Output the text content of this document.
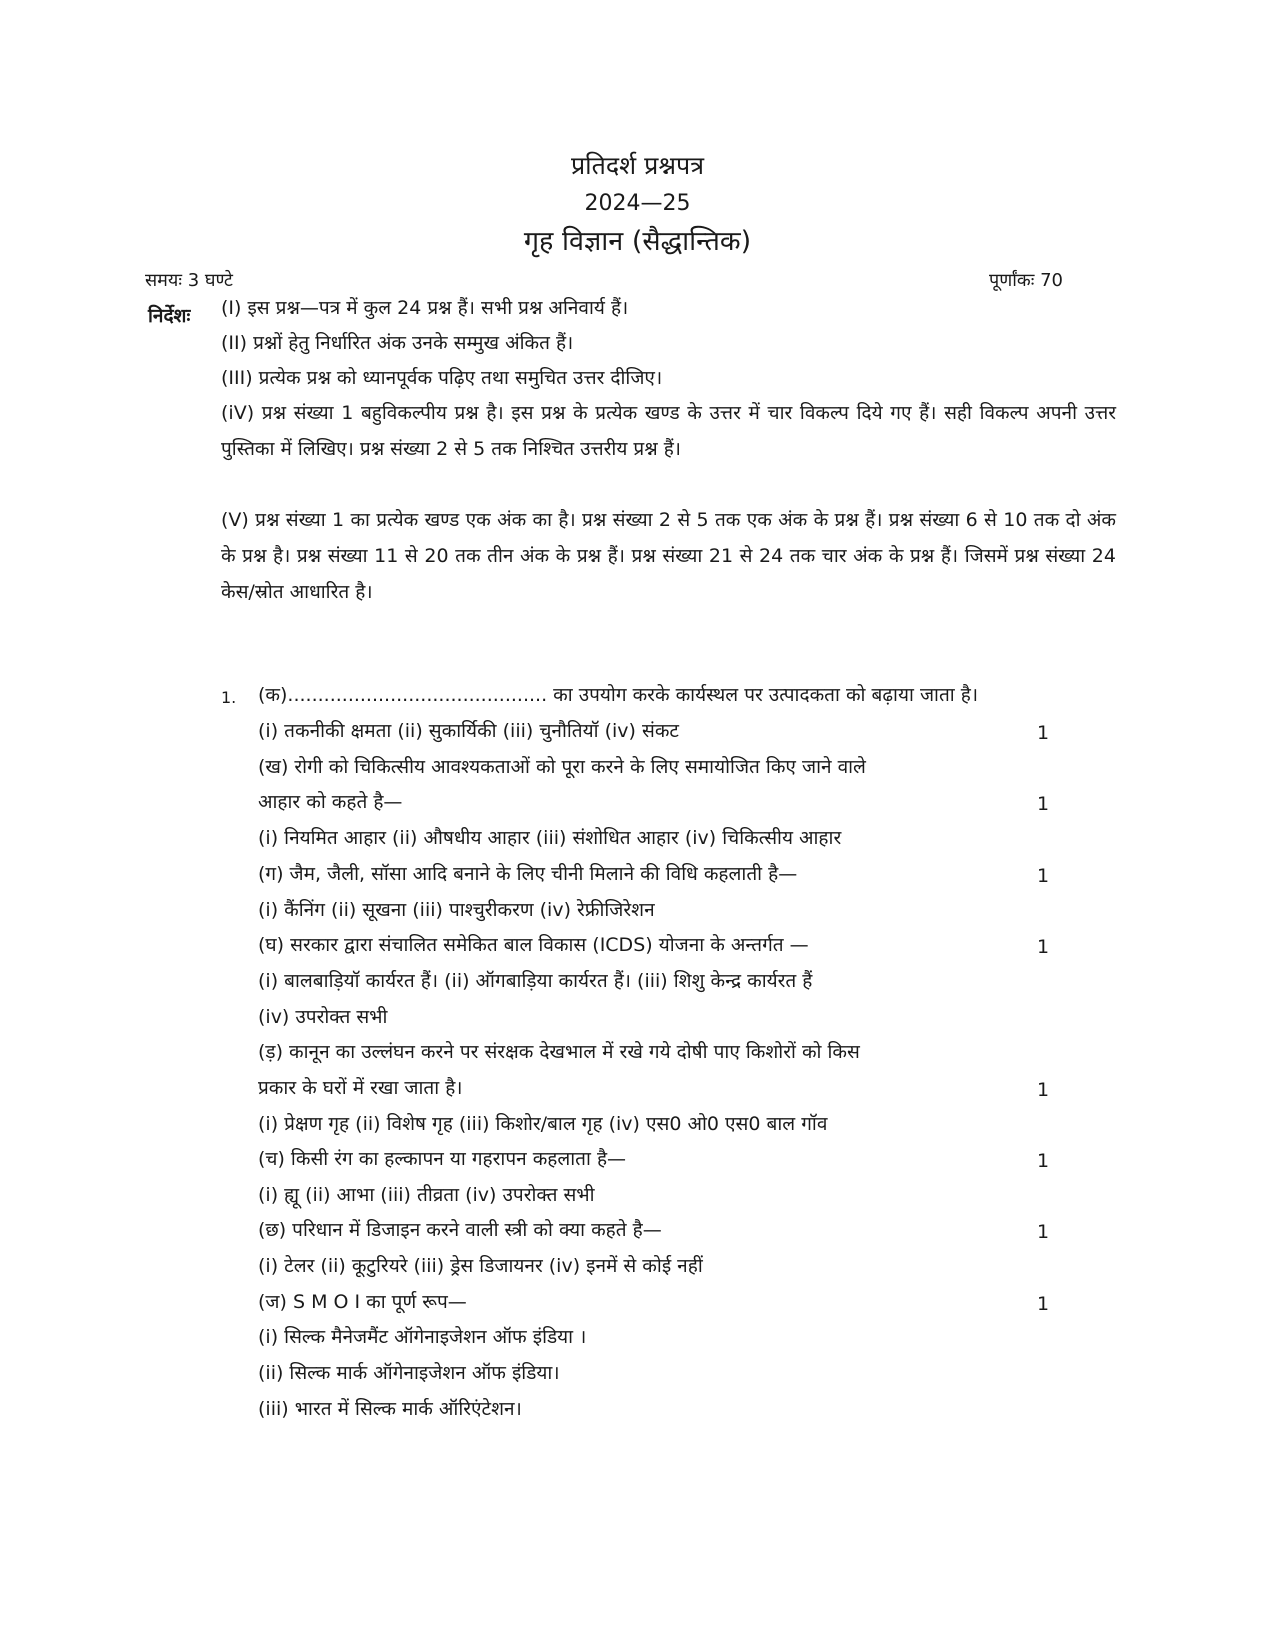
प्रतिदर्श प्रश्नपत्र
2024—25
गृह विज्ञान (सैद्धान्तिक)
समयः 3 घण्टे	पूर्णांकः 70
निर्देशः (I) इस प्रश्न—पत्र में कुल 24 प्रश्न हैं। सभी प्रश्न अनिवार्य हैं।
(II) प्रश्नों हेतु निर्धारित अंक उनके सम्मुख अंकित हैं।
(III) प्रत्येक प्रश्न को ध्यानपूर्वक पढ़िए तथा समुचित उत्तर दीजिए।
(iV) प्रश्न संख्या 1 बहुविकल्पीय प्रश्न है। इस प्रश्न के प्रत्येक खण्ड के उत्तर में चार विकल्प दिये गए हैं। सही विकल्प अपनी उत्तर पुस्तिका में लिखिए। प्रश्न संख्या 2 से 5 तक निश्चित उत्तरीय प्रश्न हैं।
(V) प्रश्न संख्या 1 का प्रत्येक खण्ड एक अंक का है। प्रश्न संख्या 2 से 5 तक एक अंक के प्रश्न हैं। प्रश्न संख्या 6 से 10 तक दो अंक के प्रश्न है। प्रश्न संख्या 11 से 20 तक तीन अंक के प्रश्न हैं। प्रश्न संख्या 21 से 24 तक चार अंक के प्रश्न हैं। जिसमें प्रश्न संख्या 24 केस/स्रोत आधारित है।
1. (क)........................................... का उपयोग करके कार्यस्थल पर उत्पादकता को बढ़ाया जाता है।
(i) तकनीकी क्षमता (ii) सुकार्यिकी (iii) चुनौतियॉ (iv) संकट	1
(ख) रोगी को चिकित्सीय आवश्यकताओं को पूरा करने के लिए समायोजित किए जाने वाले
आहार को कहते है—	1
(i) नियमित आहार (ii) औषधीय आहार (iii) संशोधित आहार (iv) चिकित्सीय आहार
(ग) जैम, जैली, सॉसा आदि बनाने के लिए चीनी मिलाने की विधि कहलाती है—	1
(i) कैंनिंग (ii) सूखना (iii) पाश्चुरीकरण (iv) रेफ्रीजिरेशन
(घ) सरकार द्वारा संचालित समेकित बाल विकास (ICDS) योजना के अन्तर्गत —	1
(i) बालबाड़ियॉ कार्यरत हैं। (ii) ऑगबाड़िया कार्यरत हैं। (iii) शिशु केन्द्र कार्यरत हैं
(iv) उपरोक्त सभी
(ड़) कानून का उल्लंघन करने पर संरक्षक देखभाल में रखे गये दोषी पाए किशोरों को किस
प्रकार के घरों में रखा जाता है।	1
(i) प्रेक्षण गृह (ii) विशेष गृह (iii) किशोर/बाल गृह (iv) एस0 ओ0 एस0 बाल गॉव
(च) किसी रंग का हल्कापन या गहरापन कहलाता है—	1
(i) ह्यू (ii) आभा (iii) तीव्रता (iv) उपरोक्त सभी
(छ) परिधान में डिजाइन करने वाली स्त्री को क्या कहते है—	1
(i) टेलर (ii) कूटुरियरे (iii) ड्रेस डिजायनर (iv) इनमें से कोई नहीं
(ज) S M O I का पूर्ण रूप—	1
(i) सिल्क मैनेजमैंट ऑगेनाइजेशन ऑफ इंडिया ।
(ii) सिल्क मार्क ऑगेनाइजेशन ऑफ इंडिया।
(iii) भारत में सिल्क मार्क ऑरिएंटेशन।
